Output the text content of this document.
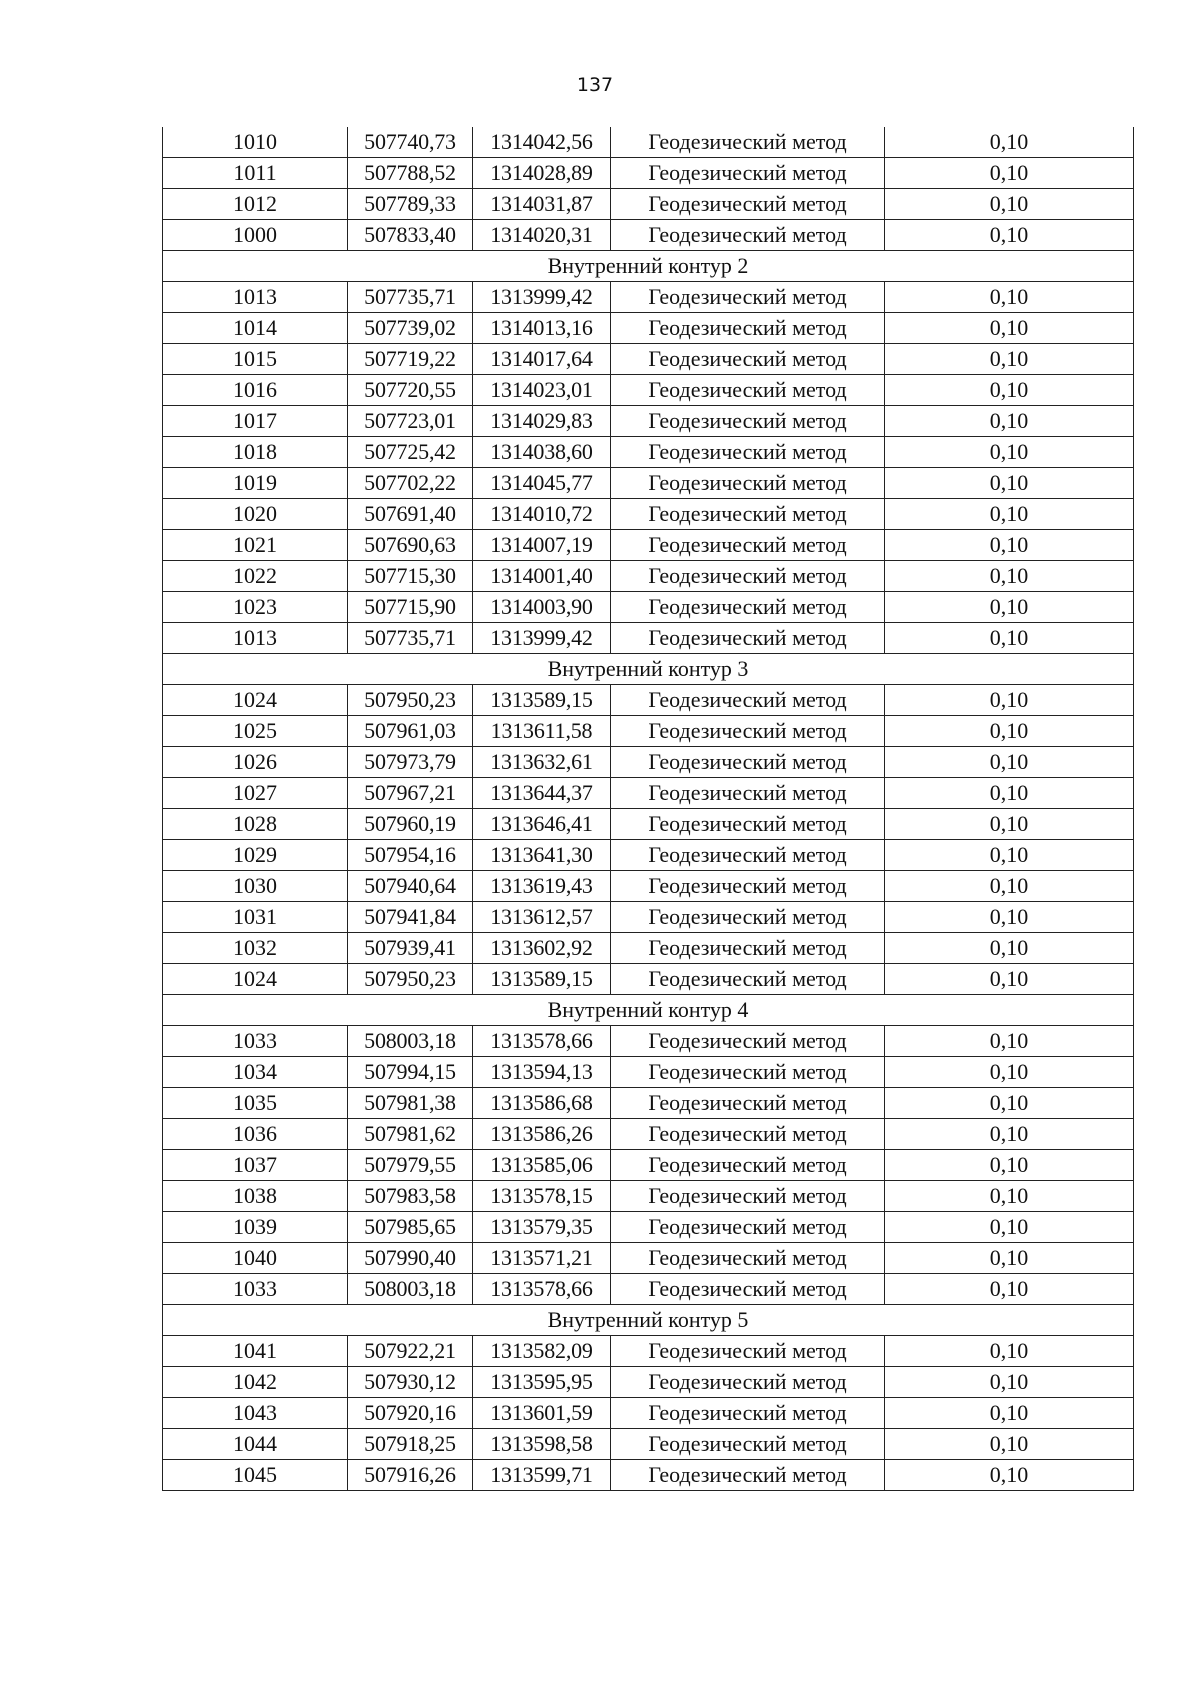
137
1010	507740,73	1314042,56	Геодезический метод	0,10
1011	507788,52	1314028,89	Геодезический метод	0,10
1012	507789,33	1314031,87	Геодезический метод	0,10
1000	507833,40	1314020,31	Геодезический метод	0,10
Внутренний контур 2				
1013	507735,71	1313999,42	Геодезический метод	0,10
1014	507739,02	1314013,16	Геодезический метод	0,10
1015	507719,22	1314017,64	Геодезический метод	0,10
1016	507720,55	1314023,01	Геодезический метод	0,10
1017	507723,01	1314029,83	Геодезический метод	0,10
1018	507725,42	1314038,60	Геодезический метод	0,10
1019	507702,22	1314045,77	Геодезический метод	0,10
1020	507691,40	1314010,72	Геодезический метод	0,10
1021	507690,63	1314007,19	Геодезический метод	0,10
1022	507715,30	1314001,40	Геодезический метод	0,10
1023	507715,90	1314003,90	Геодезический метод	0,10
1013	507735,71	1313999,42	Геодезический метод	0,10
Внутренний контур 3				
1024	507950,23	1313589,15	Геодезический метод	0,10
1025	507961,03	1313611,58	Геодезический метод	0,10
1026	507973,79	1313632,61	Геодезический метод	0,10
1027	507967,21	1313644,37	Геодезический метод	0,10
1028	507960,19	1313646,41	Геодезический метод	0,10
1029	507954,16	1313641,30	Геодезический метод	0,10
1030	507940,64	1313619,43	Геодезический метод	0,10
1031	507941,84	1313612,57	Геодезический метод	0,10
1032	507939,41	1313602,92	Геодезический метод	0,10
1024	507950,23	1313589,15	Геодезический метод	0,10
Внутренний контур 4				
1033	508003,18	1313578,66	Геодезический метод	0,10
1034	507994,15	1313594,13	Геодезический метод	0,10
1035	507981,38	1313586,68	Геодезический метод	0,10
1036	507981,62	1313586,26	Геодезический метод	0,10
1037	507979,55	1313585,06	Геодезический метод	0,10
1038	507983,58	1313578,15	Геодезический метод	0,10
1039	507985,65	1313579,35	Геодезический метод	0,10
1040	507990,40	1313571,21	Геодезический метод	0,10
1033	508003,18	1313578,66	Геодезический метод	0,10
Внутренний контур 5				
1041	507922,21	1313582,09	Геодезический метод	0,10
1042	507930,12	1313595,95	Геодезический метод	0,10
1043	507920,16	1313601,59	Геодезический метод	0,10
1044	507918,25	1313598,58	Геодезический метод	0,10
1045	507916,26	1313599,71	Геодезический метод	0,10
